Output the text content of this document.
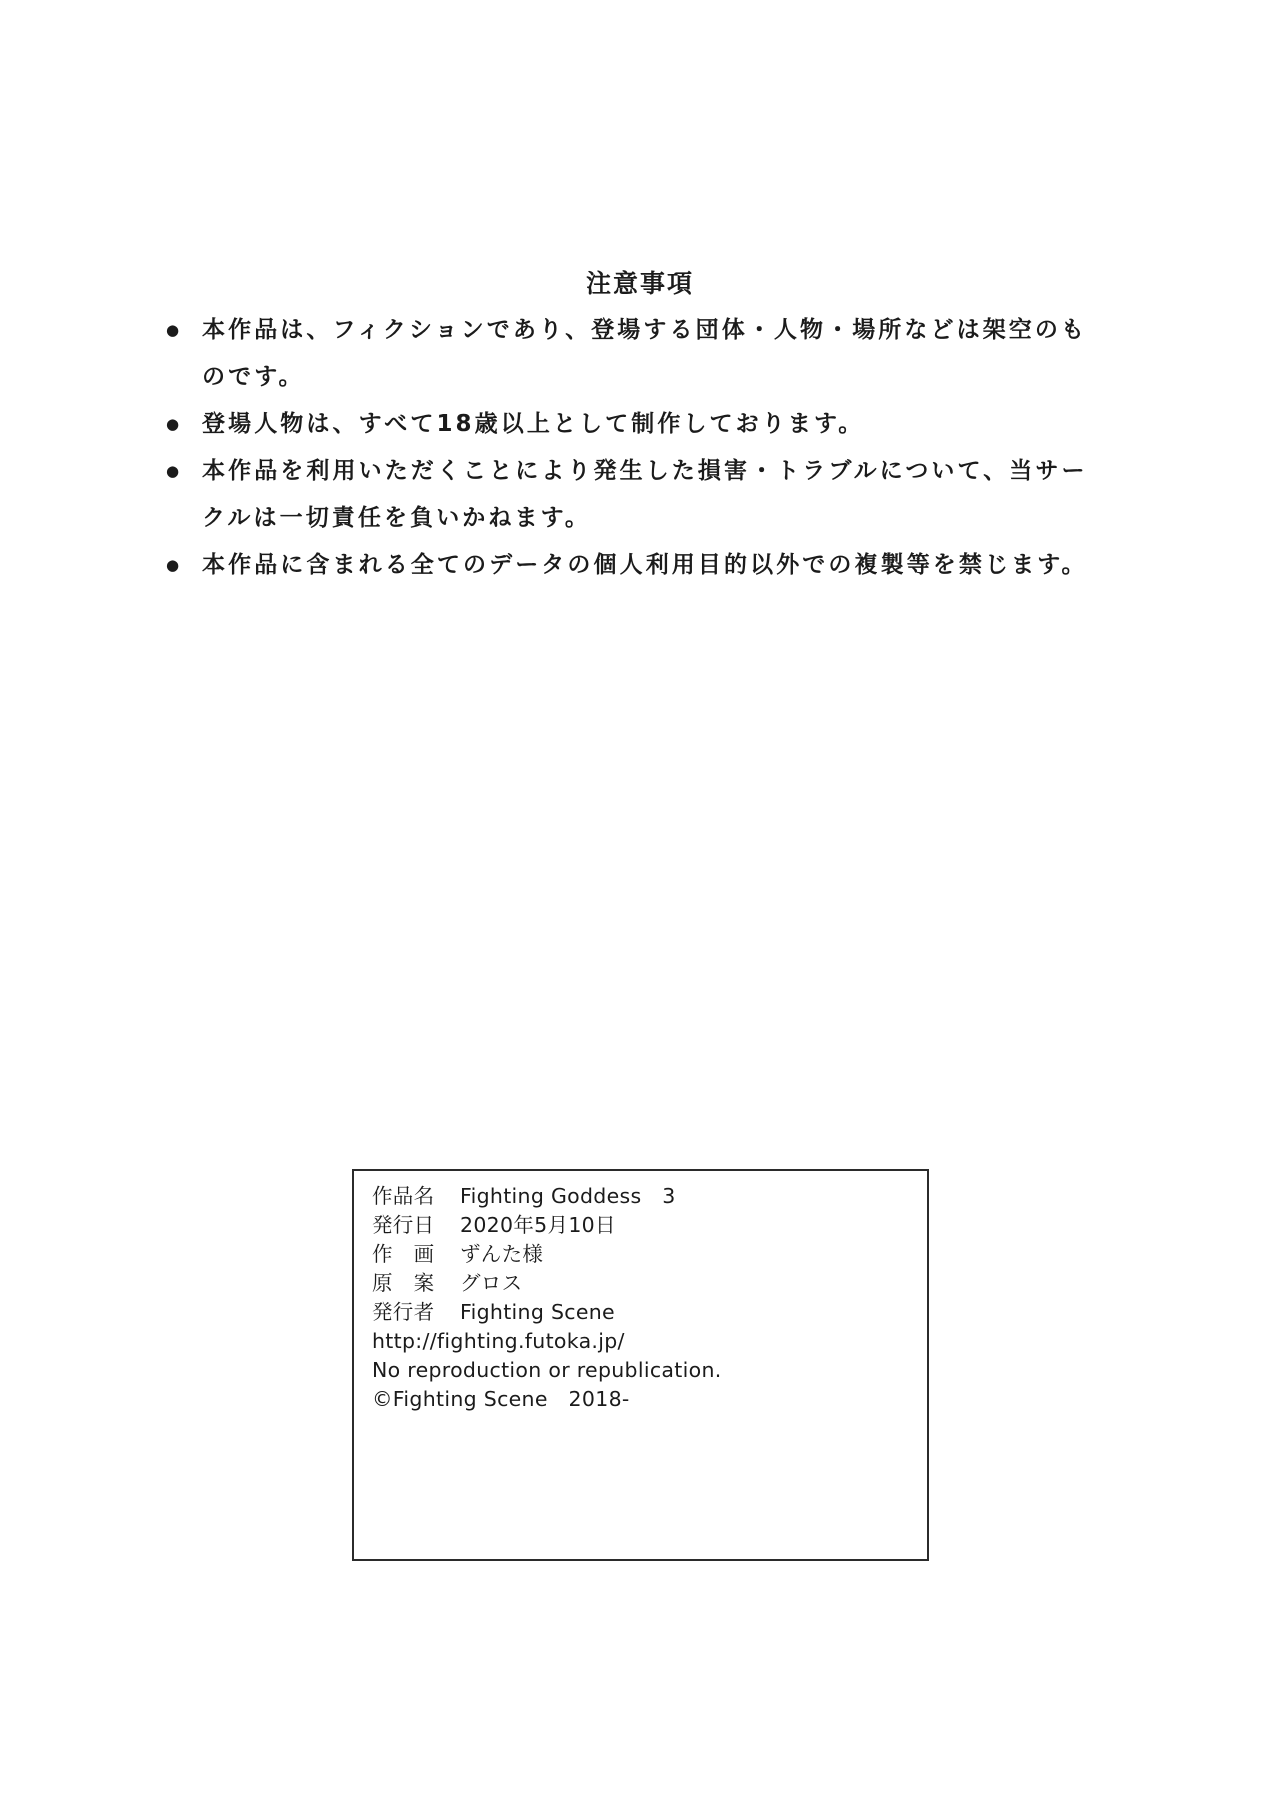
注意事項
● 本作品は、フィクションであり、登場する団体・人物・場所などは架空のも
のです。
● 登場人物は、すべて18歳以上として制作しております。
● 本作品を利用いただくことにより発生した損害・トラブルについて、当サー
クルは一切責任を負いかねます。
● 本作品に含まれる全てのデータの個人利用目的以外での複製等を禁じます。
作品名	Fighting Goddess　3
発行日	2020年5月10日
作　画	ずんた様
原　案	グロス
発行者	Fighting Scene
http://fighting.futoka.jp/
No reproduction or republication.
©Fighting Scene　2018-
